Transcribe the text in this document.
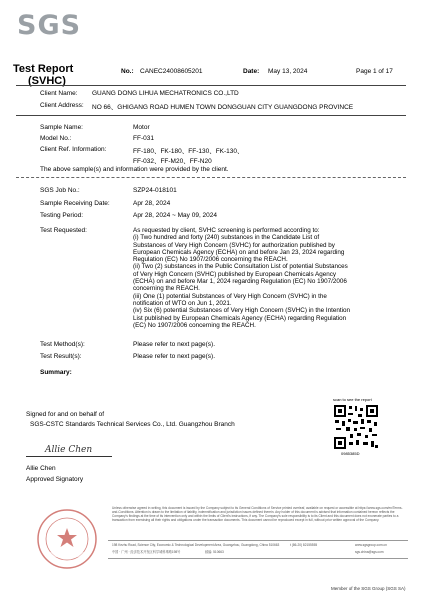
SGS
Test Report
(SVHC)
No.: CANEC24008605201	Date: May 13, 2024	Page 1 of 17
Client Name: GUANG DONG LIHUA MECHATRONICS CO.,LTD
Client Address: NO 66、GHIGANG ROAD HUMEN TOWN DONGGUAN CITY GUANGDONG PROVINCE
Sample Name:	Motor
Model No.:	FF-031
Client Ref. Information:	FF-180、FK-180、FF-130、FK-130、
FF-032、FF-M20、FF-N20
The above sample(s) and information were provided by the client.
SGS Job No.:	SZP24-018101
Sample Receiving Date:	Apr 28, 2024
Testing Period:	Apr 28, 2024 ~ May 09, 2024
Test Requested:	As requested by client, SVHC screening is performed according to:
(i) Two hundred and forty (240) substances in the Candidate List of
Substances of Very High Concern (SVHC) for authorization published by
European Chemicals Agency (ECHA) on and before Jan 23, 2024 regarding
Regulation (EC) No 1907/2006 concerning the REACH.
(ii) Two (2) substances in the Public Consultation List of potential Substances
of Very High Concern (SVHC) published by European Chemicals Agency
(ECHA) on and before Mar 1, 2024 regarding Regulation (EC) No 1907/2006
concerning the REACH.
(iii) One (1) potential Substances of Very High Concern (SVHC) in the
notification of WTO on Jun 1, 2021.
(iv) Six (6) potential Substances of Very High Concern (SVHC) in the Intention
List published by European Chemicals Agency (ECHA) regarding Regulation
(EC) No 1907/2006 concerning the REACH.
Test Method(s):	Please refer to next page(s).
Test Result(s):	Please refer to next page(s).
Summary:
Signed for and on behalf of
SGS-CSTC Standards Technical Services Co., Ltd. Guangzhou Branch
Allie Chen
Allie Chen
Approved Signatory
scan to see the report
0985385D
Unless otherwise agreed in writing, this document is issued by the Company subject to its General Conditions of Service printed overleaf, available on request or accessible at https://www.sgs.com/en/Terms-and-Conditions. Attention is drawn to the limitation of liability, indemnification and jurisdiction issues defined therein. Any holder of this document is advised that information contained hereon reflects the Company's findings at the time of its intervention only and within the limits of Client's instructions, if any. The Company's sole responsibility is to its Client and this document does not exonerate parties to a transaction from exercising all their rights and obligations under the transaction documents. This document cannot be reproduced except in full, without prior written approval of the Company.
198 Kezhu Road, Science City, Economic & Technological Development Area, Guangzhou, Guangdong, China 510663
中国 · 广州 · 经济技术开发区科学城科珠路198号	邮编: 510663
t (86-20) 82155555	www.sgsgroup.com.cn
sgs.china@sgs.com
Member of the SGS Group (SGS SA)
